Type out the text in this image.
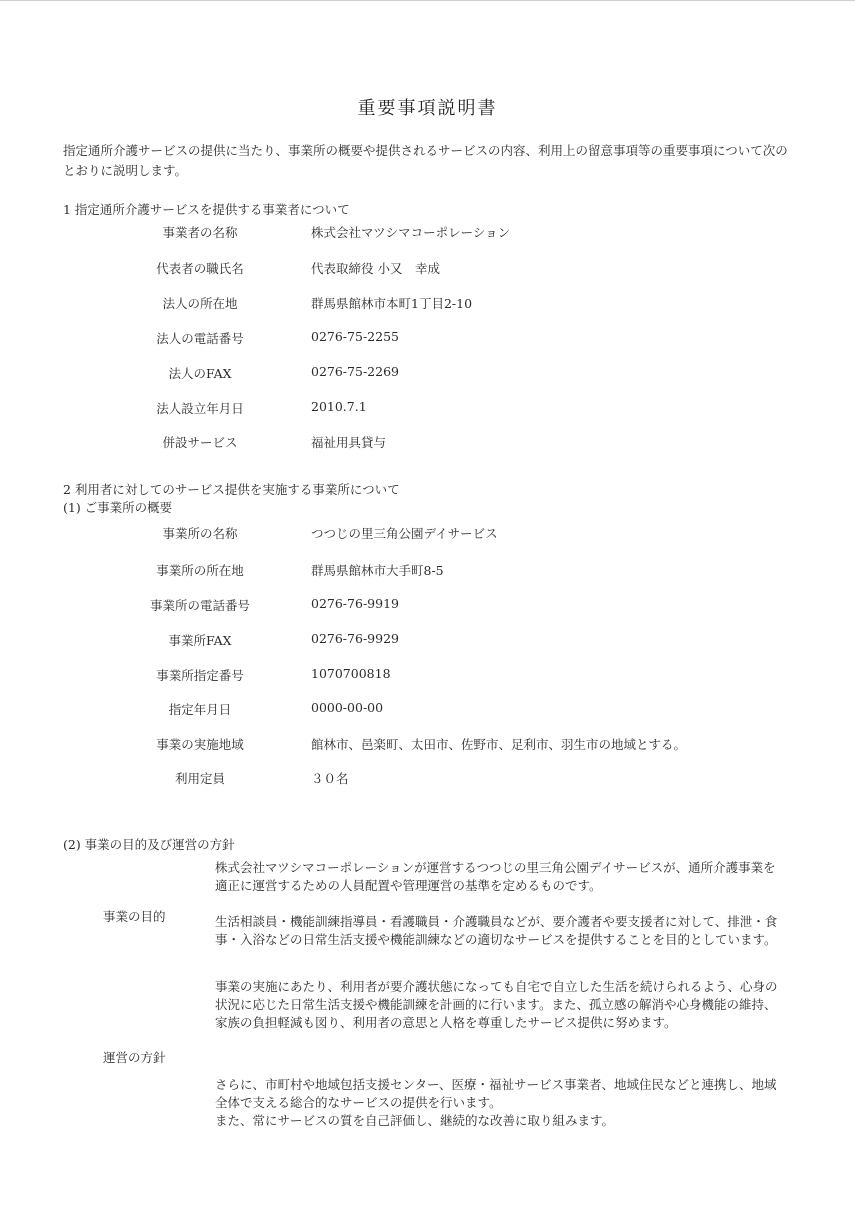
重要事項説明書
指定通所介護サービスの提供に当たり、事業所の概要や提供されるサービスの内容、利用上の留意事項等の重要事項について次のとおりに説明します。
1 指定通所介護サービスを提供する事業者について
事業者の名称	株式会社マツシマコーポレーション
代表者の職氏名	代表取締役 小又　幸成
法人の所在地	群馬県館林市本町1丁目2-10
法人の電話番号	0276-75-2255
法人のFAX	0276-75-2269
法人設立年月日	2010.7.1
併設サービス	福祉用具貸与
2 利用者に対してのサービス提供を実施する事業所について
(1) ご事業所の概要
事業所の名称	つつじの里三角公園デイサービス
事業所の所在地	群馬県館林市大手町8-5
事業所の電話番号	0276-76-9919
事業所FAX	0276-76-9929
事業所指定番号	1070700818
指定年月日	0000-00-00
事業の実施地域	館林市、邑楽町、太田市、佐野市、足利市、羽生市の地域とする。
利用定員	３０名
(2) 事業の目的及び運営の方針
事業の目的
株式会社マツシマコーポレーションが運営するつつじの里三角公園デイサービスが、通所介護事業を適正に運営するための人員配置や管理運営の基準を定めるものです。
生活相談員・機能訓練指導員・看護職員・介護職員などが、要介護者や要支援者に対して、排泄・食事・入浴などの日常生活支援や機能訓練などの適切なサービスを提供することを目的としています。
運営の方針
事業の実施にあたり、利用者が要介護状態になっても自宅で自立した生活を続けられるよう、心身の状況に応じた日常生活支援や機能訓練を計画的に行います。また、孤立感の解消や心身機能の維持、家族の負担軽減も図り、利用者の意思と人格を尊重したサービス提供に努めます。
さらに、市町村や地域包括支援センター、医療・福祉サービス事業者、地域住民などと連携し、地域全体で支える総合的なサービスの提供を行います。
また、常にサービスの質を自己評価し、継続的な改善に取り組みます。
